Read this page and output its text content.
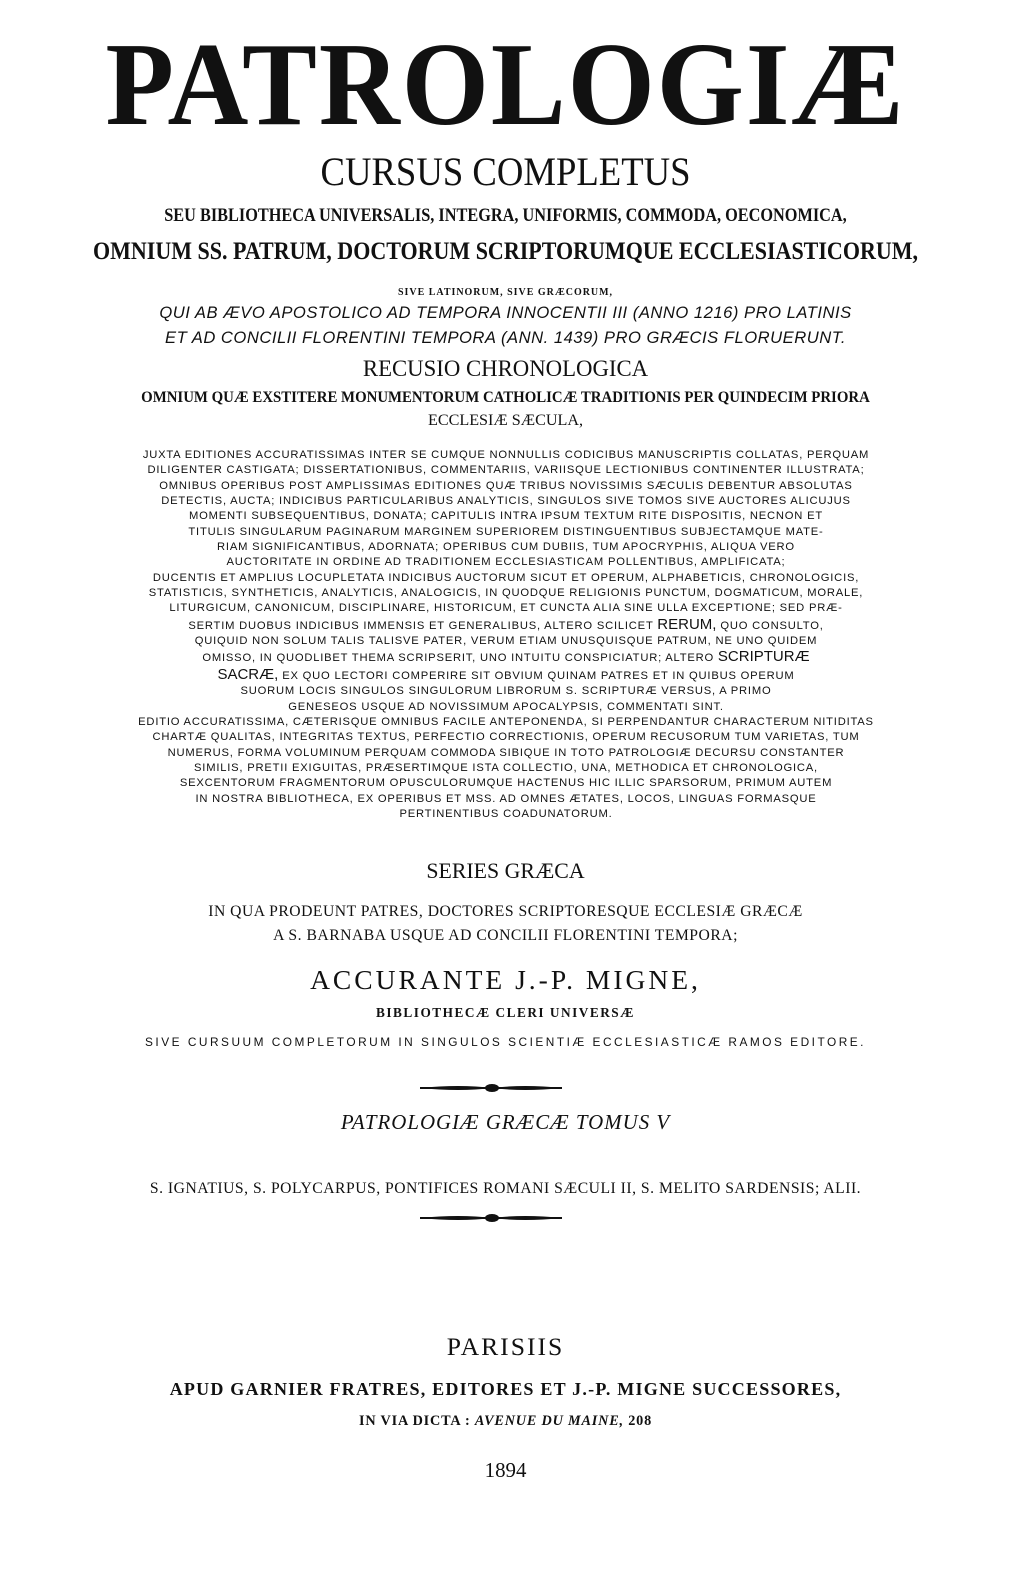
PATROLOGIÆ
CURSUS COMPLETUS
SEU BIBLIOTHECA UNIVERSALIS, INTEGRA, UNIFORMIS, COMMODA, OECONOMICA,
OMNIUM SS. PATRUM, DOCTORUM SCRIPTORUMQUE ECCLESIASTICORUM,
SIVE LATINORUM, SIVE GRÆCORUM,
QUI AB ÆVO APOSTOLICO AD TEMPORA INNOCENTII III (ANNO 1216) PRO LATINIS
ET AD CONCILII FLORENTINI TEMPORA (ANN. 1439) PRO GRÆCIS FLORUERUNT.
RECUSIO CHRONOLOGICA
OMNIUM QUÆ EXSTITERE MONUMENTORUM CATHOLICÆ TRADITIONIS PER QUINDECIM PRIORA
ECCLESIÆ SÆCULA,
JUXTA EDITIONES ACCURATISSIMAS INTER SE CUMQUE NONNULLIS CODICIBUS MANUSCRIPTIS COLLATAS, PERQUAM
DILIGENTER CASTIGATA; DISSERTATIONIBUS, COMMENTARIIS, VARIISQUE LECTIONIBUS CONTINENTER ILLUSTRATA;
OMNIBUS OPERIBUS POST AMPLISSIMAS EDITIONES QUÆ TRIBUS NOVISSIMIS SÆCULIS DEBENTUR ABSOLUTAS
DETECTIS, AUCTA; INDICIBUS PARTICULARIBUS ANALYTICIS, SINGULOS SIVE TOMOS SIVE AUCTORES ALICUJUS
MOMENTI SUBSEQUENTIBUS, DONATA; CAPITULIS INTRA IPSUM TEXTUM RITE DISPOSITIS, NECNON ET
TITULIS SINGULARUM PAGINARUM MARGINEM SUPERIOREM DISTINGUENTIBUS SUBJECTAMQUE MATE-
RIAM SIGNIFICANTIBUS, ADORNATA; OPERIBUS CUM DUBIIS, TUM APOCRYPHIS, ALIQUA VERO
AUCTORITATE IN ORDINE AD TRADITIONEM ECCLESIASTICAM POLLENTIBUS, AMPLIFICATA;
DUCENTIS ET AMPLIUS LOCUPLETATA INDICIBUS AUCTORUM SICUT ET OPERUM, ALPHABETICIS, CHRONOLOGICIS,
STATISTICIS, SYNTHETICIS, ANALYTICIS, ANALOGICIS, IN QUODQUE RELIGIONIS PUNCTUM, DOGMATICUM, MORALE,
LITURGICUM, CANONICUM, DISCIPLINARE, HISTORICUM, ET CUNCTA ALIA SINE ULLA EXCEPTIONE; SED PRÆ-
SERTIM DUOBUS INDICIBUS IMMENSIS ET GENERALIBUS, ALTERO SCILICET RERUM, QUO CONSULTO,
QUIQUID NON SOLUM TALIS TALISVE PATER, VERUM ETIAM UNUSQUISQUE PATRUM, NE UNO QUIDEM
OMISSO, IN QUODLIBET THEMA SCRIPSERIT, UNO INTUITU CONSPICIATUR; ALTERO SCRIPTURÆ
SACRÆ, EX QUO LECTORI COMPERIRE SIT OBVIUM QUINAM PATRES ET IN QUIBUS OPERUM
SUORUM LOCIS SINGULOS SINGULORUM LIBRORUM S. SCRIPTURÆ VERSUS, A PRIMO
GENESEOS USQUE AD NOVISSIMUM APOCALYPSIS, COMMENTATI SINT.
EDITIO ACCURATISSIMA, CÆTERISQUE OMNIBUS FACILE ANTEPONENDA, SI PERPENDANTUR CHARACTERUM NITIDITAS
CHARTÆ QUALITAS, INTEGRITAS TEXTUS, PERFECTIO CORRECTIONIS, OPERUM RECUSORUM TUM VARIETAS, TUM
NUMERUS, FORMA VOLUMINUM PERQUAM COMMODA SIBIQUE IN TOTO PATROLOGIÆ DECURSU CONSTANTER
SIMILIS, PRETII EXIGUITAS, PRÆSERTIMQUE ISTA COLLECTIO, UNA, METHODICA ET CHRONOLOGICA,
SEXCENTORUM FRAGMENTORUM OPUSCULORUMQUE HACTENUS HIC ILLIC SPARSORUM, PRIMUM AUTEM
IN NOSTRA BIBLIOTHECA, EX OPERIBUS ET MSS. AD OMNES ÆTATES, LOCOS, LINGUAS FORMASQUE
PERTINENTIBUS COADUNATORUM.
SERIES GRÆCA
IN QUA PRODEUNT PATRES, DOCTORES SCRIPTORESQUE ECCLESIÆ GRÆCÆ
A S. BARNABA USQUE AD CONCILII FLORENTINI TEMPORA;
ACCURANTE J.-P. MIGNE,
BIBLIOTHECÆ CLERI UNIVERSÆ
SIVE CURSUUM COMPLETORUM IN SINGULOS SCIENTIÆ ECCLESIASTICÆ RAMOS EDITORE.
PATROLOGIÆ GRÆCÆ TOMUS V
S. IGNATIUS, S. POLYCARPUS, PONTIFICES ROMANI SÆCULI II, S. MELITO SARDENSIS; ALII.
PARISIIS
APUD GARNIER FRATRES, EDITORES ET J.-P. MIGNE SUCCESSORES,
IN VIA DICTA : AVENUE DU MAINE, 208
1894
